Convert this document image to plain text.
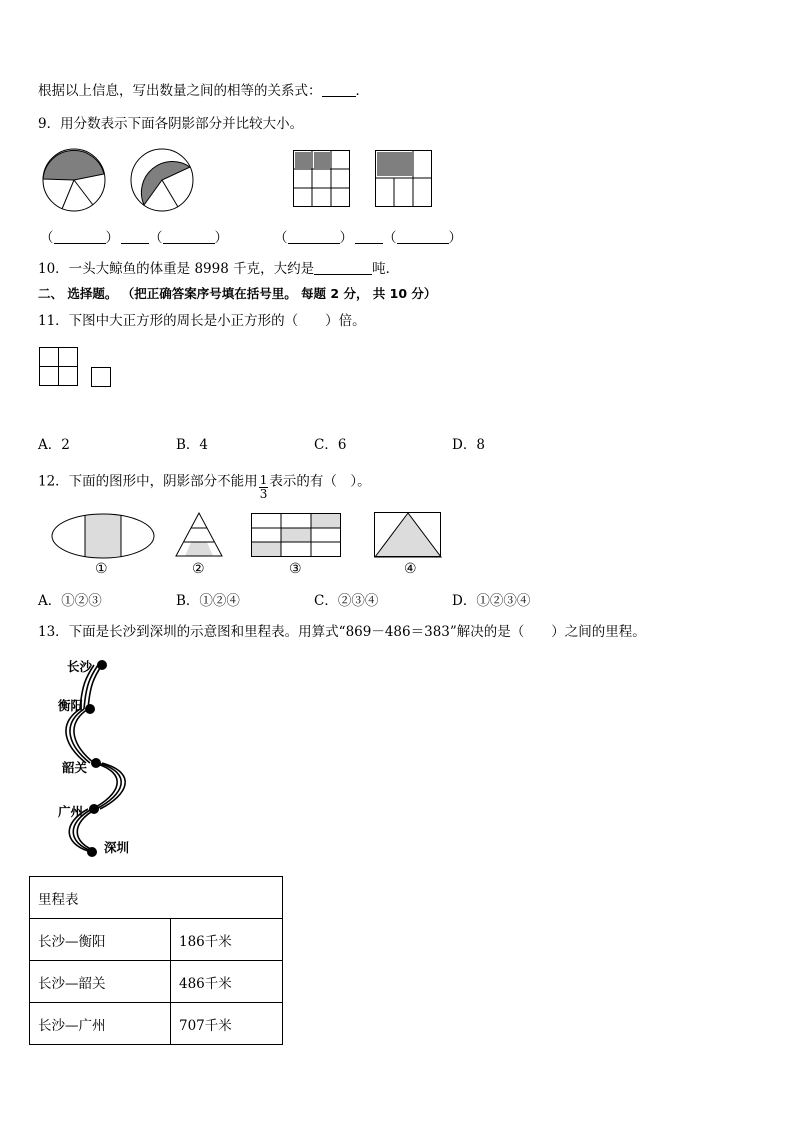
根据以上信息，写出数量之间的相等的关系式：	．
9．用分数表示下面各阴影部分并比较大小。
（	） （	）	（	） （	）
10．一头大鲸鱼的体重是 8998 千克，大约是	吨．
二、 选择题。 （把正确答案序号填在括号里。 每题 2 分， 共 10 分）
11．下图中大正方形的周长是小正方形的（　　）倍。
A．2	B．4	C．6	D．8
12．下面的图形中，阴影部分不能用 $\frac{1}{3}$ 表示的有（　）。
①	②	③	④
A．①②③	B．①②④	C．②③④	D．①②③④
13．下面是长沙到深圳的示意图和里程表。用算式“869－486＝383”解决的是（　　）之间的里程。
长沙
衡阳
韶关
广州
深圳
里程表	
长沙—衡阳	186千米
长沙—韶关	486千米
长沙—广州	707千米
